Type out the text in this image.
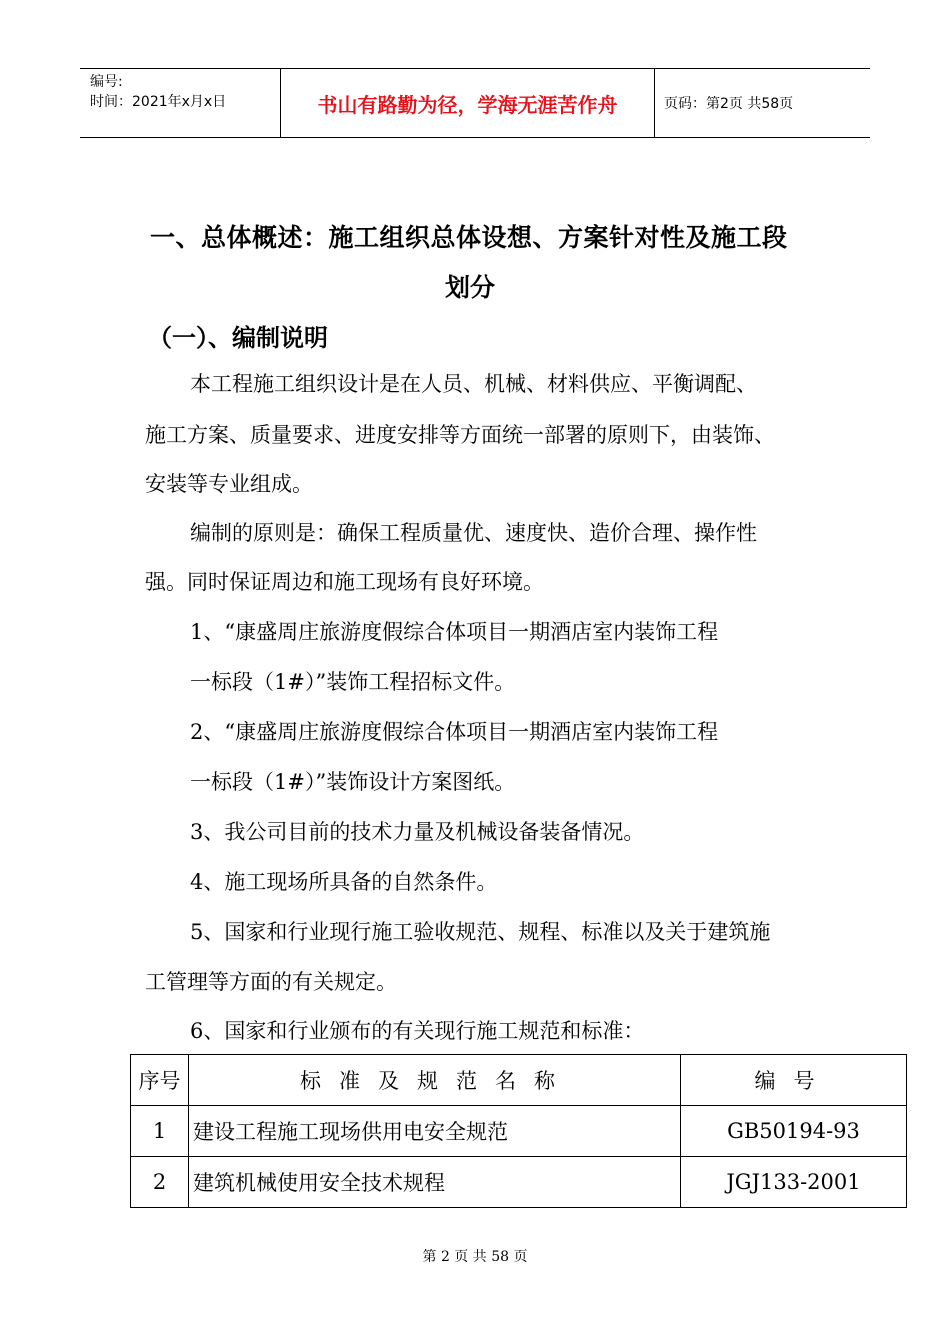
编号:
时间：2021年x月x日	书山有路勤为径，学海无涯苦作舟	页码：第2页 共58页
一、总体概述：施工组织总体设想、方案针对性及施工段
划分
（一）、编制说明
本工程施工组织设计是在人员、机械、材料供应、平衡调配、
施工方案、质量要求、进度安排等方面统一部署的原则下，由装饰、
安装等专业组成。
编制的原则是：确保工程质量优、速度快、造价合理、操作性
强。同时保证周边和施工现场有良好环境。
1、“康盛周庄旅游度假综合体项目一期酒店室内装饰工程
一标段（1#）”装饰工程招标文件。
2、“康盛周庄旅游度假综合体项目一期酒店室内装饰工程
一标段（1#）”装饰设计方案图纸。
3、我公司目前的技术力量及机械设备装备情况。
4、施工现场所具备的自然条件。
5、国家和行业现行施工验收规范、规程、标准以及关于建筑施
工管理等方面的有关规定。
6、国家和行业颁布的有关现行施工规范和标准：
序号	标准及规范名称	编号
1	建设工程施工现场供用电安全规范	GB50194-93
2	建筑机械使用安全技术规程	JGJ133-2001
第 2 页 共 58 页
